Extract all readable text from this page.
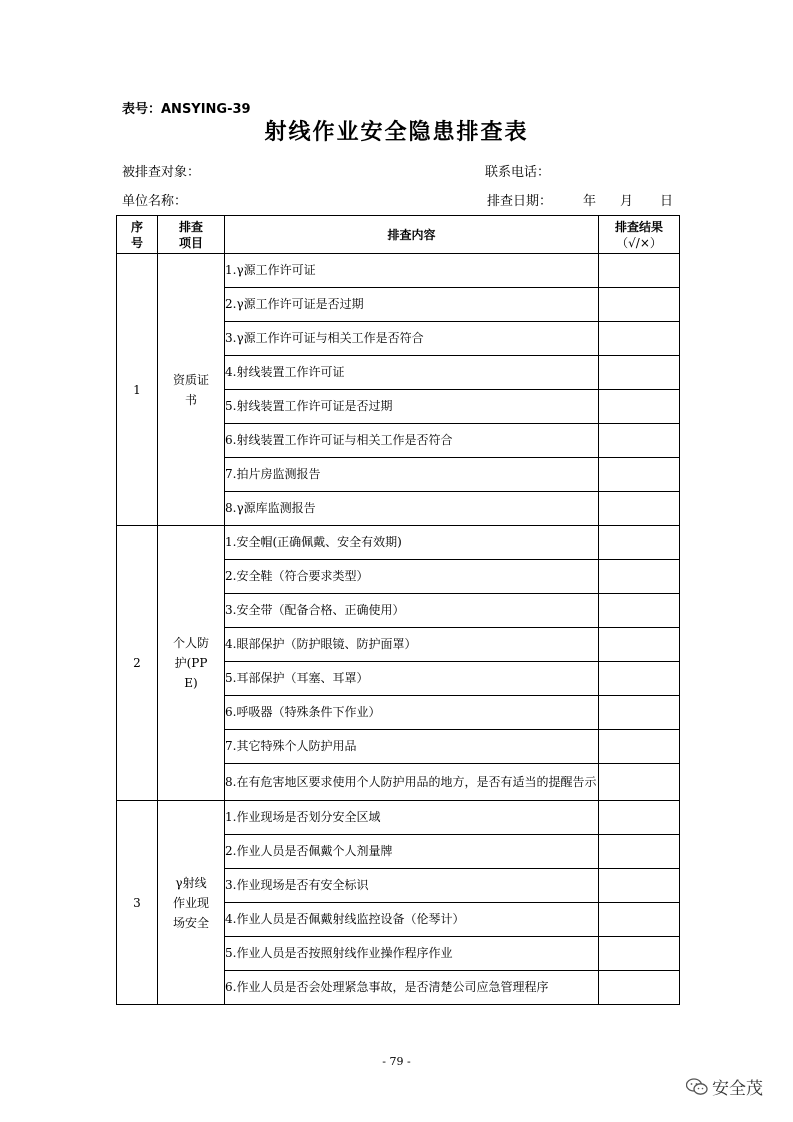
表号：ANSYING-39
射线作业安全隐患排查表
被排查对象：	联系电话：
单位名称：	排查日期： 年 月 日
序号	排查项目	排查内容	排查结果
（√/×）

1	资质证书	1.γ源工作许可证	
		2.γ源工作许可证是否过期	
		3.γ源工作许可证与相关工作是否符合	
		4.射线装置工作许可证	
		5.射线装置工作许可证是否过期	
		6.射线装置工作许可证与相关工作是否符合	
		7.拍片房监测报告	
		8.γ源库监测报告	
2	个人防护(PPE)	1.安全帽(正确佩戴、安全有效期)	
		2.安全鞋（符合要求类型）	
		3.安全带（配备合格、正确使用）	
		4.眼部保护（防护眼镜、防护面罩）	
		5.耳部保护（耳塞、耳罩）	
		6.呼吸器（特殊条件下作业）	
		7.其它特殊个人防护用品	
		8.在有危害地区要求使用个人防护用品的地方，是否有适当的提醒告示	
3	γ射线作业现场安全	1.作业现场是否划分安全区域	
		2.作业人员是否佩戴个人剂量牌	
		3.作业现场是否有安全标识	
		4.作业人员是否佩戴射线监控设备（伦琴计）	
		5.作业人员是否按照射线作业操作程序作业	
		6.作业人员是否会处理紧急事故，是否清楚公司应急管理程序	
- 79 -
安全茂
